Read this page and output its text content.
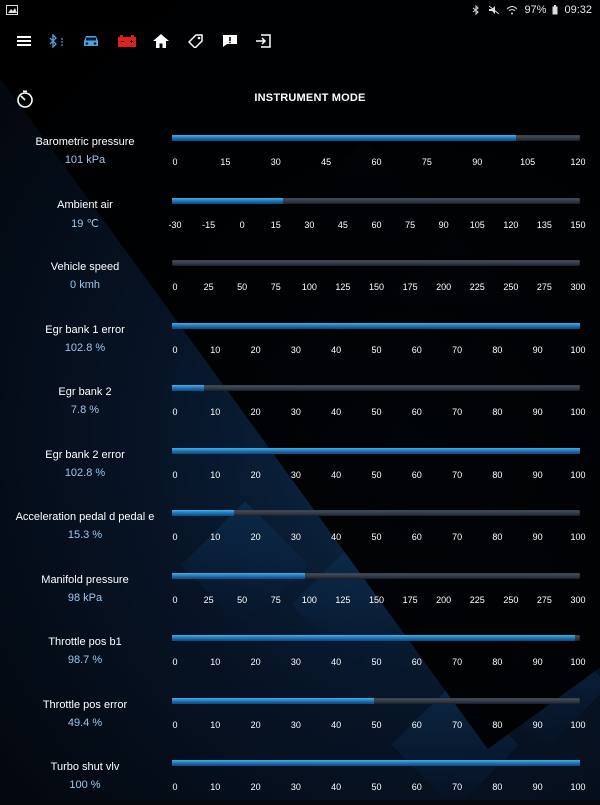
97% 09:32
INSTRUMENT MODE
Barometric pressure
101 kPa	0	15	30	45	60	75	90	105	120
Ambient air
19 ℃	-30 -15	0	15	30	45	60	75	90 105 120 135 150
Vehicle speed
0 kmh	0	25	50	75 100 125 150 175 200 225 250 275 300
Egr bank 1 error
102.8 %	0	10	20	30	40	50	60	70	80	90	100
Egr bank 2
7.8 %	0	10	20	30	40	50	60	70	80	90	100
Egr bank 2 error
102.8 %	0	10	20	30	40	50	60	70	80	90	100
Acceleration pedal d pedal e
15.3 %	0	10	20	30	40	50	60	70	80	90	100
Manifold pressure
98 kPa	0	25	50	75 100 125 150 175 200 225 250 275 300
Throttle pos b1
98.7 %	0	10	20	30	40	50	60	70	80	90	100
Throttle pos error
49.4 %	0	10	20	30	40	50	60	70	80	90	100
Turbo shut vlv
100 %	0	10	20	30	40	50	60	70	80	90	100
